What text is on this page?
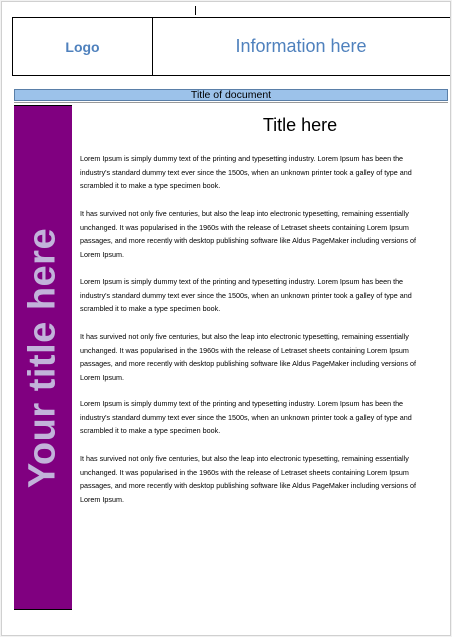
Logo	Information here
Title of document
Your title here
Title here

Lorem Ipsum is simply dummy text of the printing and typesetting industry. Lorem Ipsum has been the industry's standard dummy text ever since the 1500s, when an unknown printer took a galley of type and scrambled it to make a type specimen book.

It has survived not only five centuries, but also the leap into electronic typesetting, remaining essentially unchanged. It was popularised in the 1960s with the release of Letraset sheets containing Lorem Ipsum passages, and more recently with desktop publishing software like Aldus PageMaker including versions of Lorem Ipsum.

Lorem Ipsum is simply dummy text of the printing and typesetting industry. Lorem Ipsum has been the industry's standard dummy text ever since the 1500s, when an unknown printer took a galley of type and scrambled it to make a type specimen book.

It has survived not only five centuries, but also the leap into electronic typesetting, remaining essentially unchanged. It was popularised in the 1960s with the release of Letraset sheets containing Lorem Ipsum passages, and more recently with desktop publishing software like Aldus PageMaker including versions of Lorem Ipsum.

Lorem Ipsum is simply dummy text of the printing and typesetting industry. Lorem Ipsum has been the industry's standard dummy text ever since the 1500s, when an unknown printer took a galley of type and scrambled it to make a type specimen book.

It has survived not only five centuries, but also the leap into electronic typesetting, remaining essentially unchanged. It was popularised in the 1960s with the release of Letraset sheets containing Lorem Ipsum passages, and more recently with desktop publishing software like Aldus PageMaker including versions of Lorem Ipsum.
